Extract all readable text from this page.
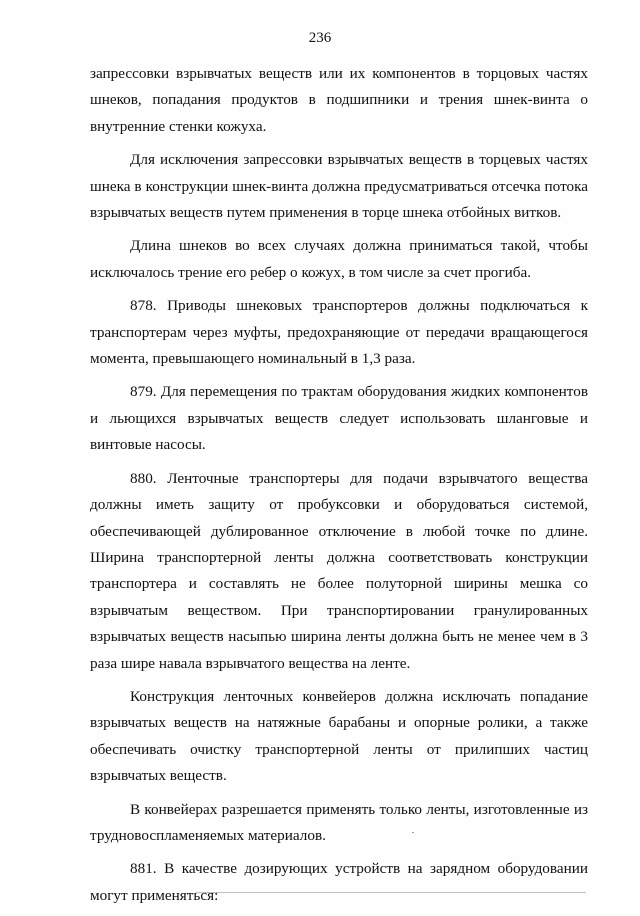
236

запрессовки взрывчатых веществ или их компонентов в торцовых частях шнеков, попадания продуктов в подшипники и трения шнек-винта о внутренние стенки кожуха.

Для исключения запрессовки взрывчатых веществ в торцевых частях шнека в конструкции шнек-винта должна предусматриваться отсечка потока взрывчатых веществ путем применения в торце шнека отбойных витков.

Длина шнеков во всех случаях должна приниматься такой, чтобы исключалось трение его ребер о кожух, в том числе за счет прогиба.

878. Приводы шнековых транспортеров должны подключаться к транспортерам через муфты, предохраняющие от передачи вращающегося момента, превышающего номинальный в 1,3 раза.

879. Для перемещения по трактам оборудования жидких компонентов и льющихся взрывчатых веществ следует использовать шланговые и винтовые насосы.

880. Ленточные транспортеры для подачи взрывчатого вещества должны иметь защиту от пробуксовки и оборудоваться системой, обеспечивающей дублированное отключение в любой точке по длине. Ширина транспортерной ленты должна соответствовать конструкции транспортера и составлять не более полуторной ширины мешка со взрывчатым веществом. При транспортировании гранулированных взрывчатых веществ насыпью ширина ленты должна быть не менее чем в 3 раза шире навала взрывчатого вещества на ленте.

Конструкция ленточных конвейеров должна исключать попадание взрывчатых веществ на натяжные барабаны и опорные ролики, а также обеспечивать очистку транспортерной ленты от прилипших частиц взрывчатых веществ.

В конвейерах разрешается применять только ленты, изготовленные из трудновоспламеняемых материалов.

881. В качестве дозирующих устройств на зарядном оборудовании могут применяться:
